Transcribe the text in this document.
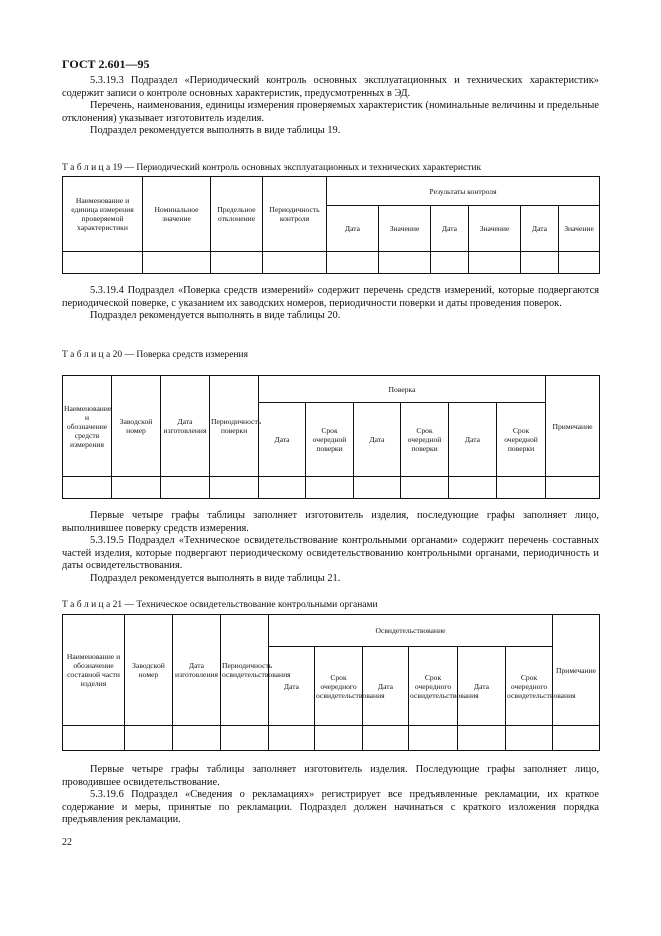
ГОСТ 2.601—95
5.3.19.3 Подраздел «Периодический контроль основных эксплуатационных и технических характеристик» содержит записи о контроле основных характеристик, предусмотренных в ЭД.
Перечень, наименования, единицы измерения проверяемых характеристик (номинальные величины и предельные отклонения) указывает изготовитель изделия.
Подраздел рекомендуется выполнять в виде таблицы 19.
Т а б л и ц а 19 — Периодический контроль основных эксплуатационных и технических характеристик
Наименование и единица измерения проверяемой характеристики	Номинальное значение	Предельное отклонение	Периодичность контроля	Результаты контроля					
				Дата	Значение	Дата	Значение	Дата	Значение

5.3.19.4 Подраздел «Поверка средств измерений» содержит перечень средств измерений, которые подвергаются периодической поверке, с указанием их заводских номеров, периодичности поверки и даты проведения поверок.
Подраздел рекомендуется выполнять в виде таблицы 20.
Т а б л и ц а 20 — Поверка средств измерения
Наименование и обозначение средств измерения	Заводской номер	Дата изготовления	Периодичность поверки	Поверка						Примечание
				Дата	Срок очередной поверки	Дата	Срок очередной поверки	Дата	Срок очередной поверки	

Первые четыре графы таблицы заполняет изготовитель изделия, последующие графы заполняет лицо, выполнившее поверку средств измерения.
5.3.19.5 Подраздел «Техническое освидетельствование контрольными органами» содержит перечень составных частей изделия, которые подвергают периодическому освидетельствованию контрольными органами, периодичность и даты освидетельствования.
Подраздел рекомендуется выполнять в виде таблицы 21.
Т а б л и ц а 21 — Техническое освидетельствование контрольными органами
Наименование и обозначение составной части изделия	Заводской номер	Дата изготовления	Периодичность освидетельствования	Освидетельствование						Примечание
				Дата	Срок очередного освидетельствования	Дата	Срок очередного освидетельствования	Дата	Срок очередного освидетельствования	

Первые четыре графы таблицы заполняет изготовитель изделия. Последующие графы заполняет лицо, проводившее освидетельствование.
5.3.19.6 Подраздел «Сведения о рекламациях» регистрирует все предъявленные рекламации, их краткое содержание и меры, принятые по рекламации. Подраздел должен начинаться с краткого изложения порядка предъявления рекламации.
22
